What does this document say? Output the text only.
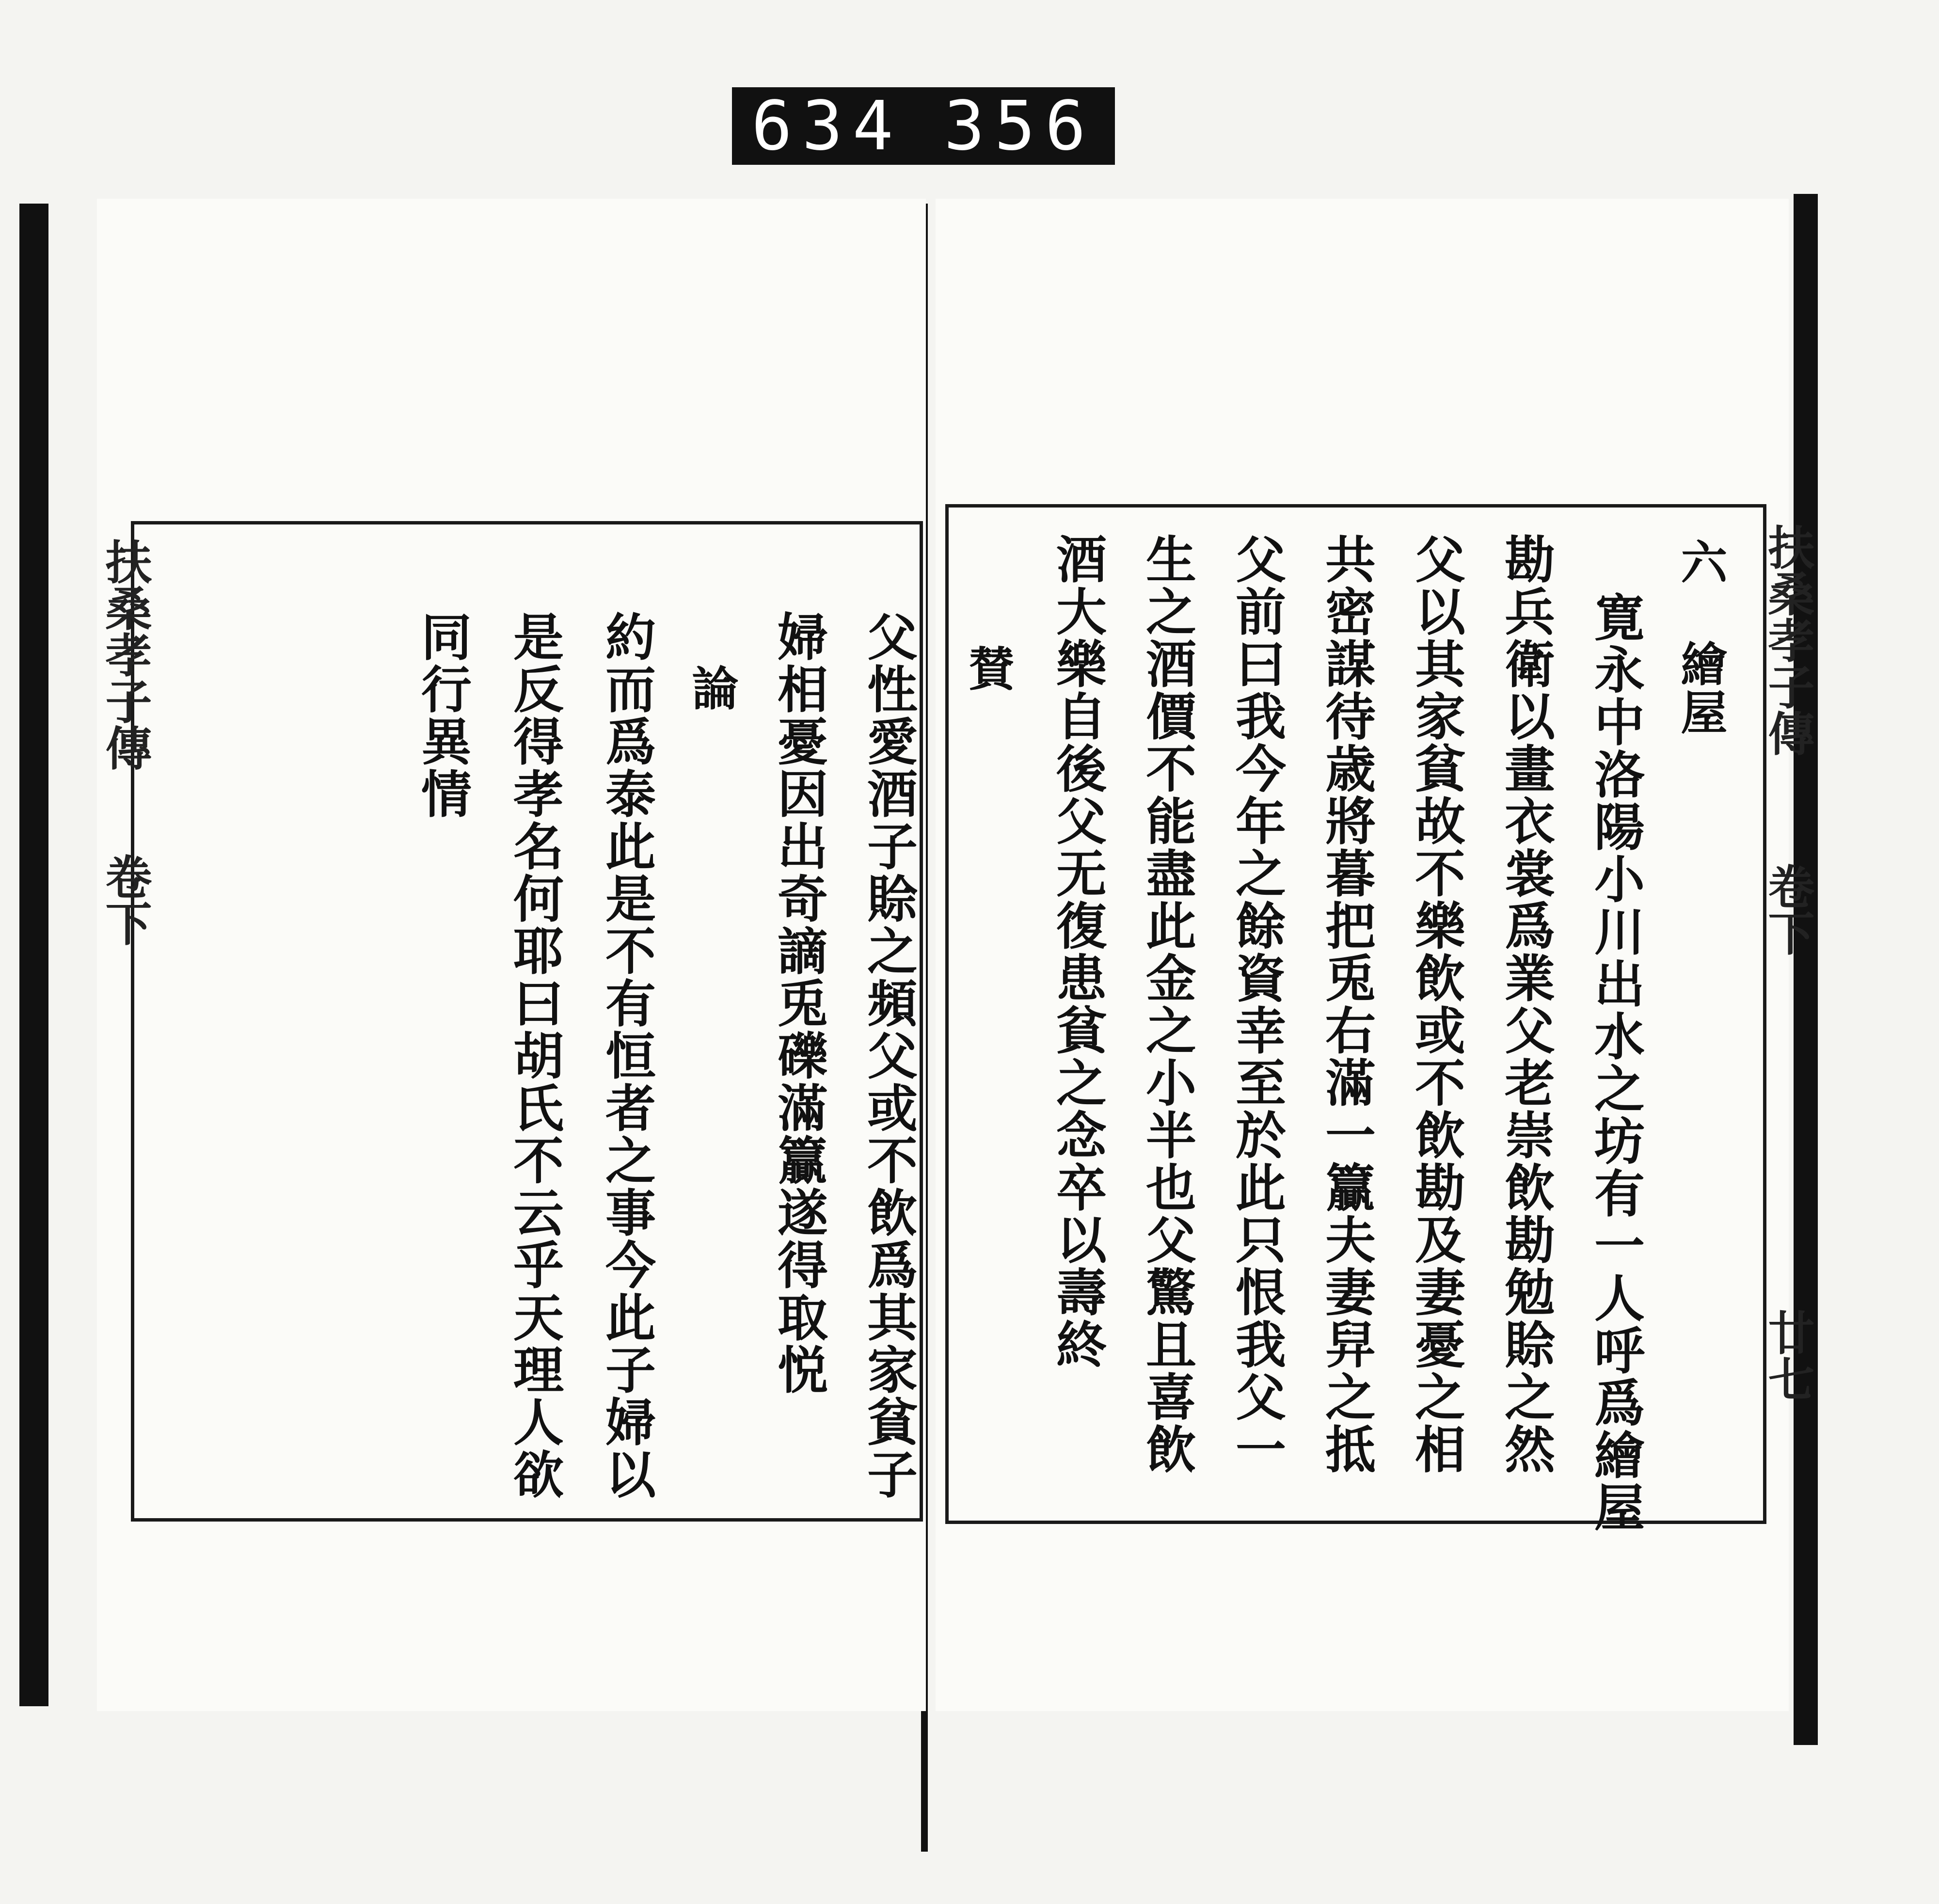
634 356
扶桑孝子傳
卷下	父性愛酒子賒之頻父或不飲爲其家貧子
婦相憂因出奇謫兎礫滿籯遂得取悦
論
約而爲泰此是不有恒者之事今此子婦以
是反得孝名何耶曰胡氏不云乎天理人欲
同行異情	扶桑孝子傳
卷下
廿七
六
繪屋
寛永中洛陽小川出水之坊有一人呼爲繪屋
勘兵衛以畫衣裳爲業父老崇飲勘勉賒之然
父以其家貧故不樂飲或不飲勘及妻憂之相
共密謀待歳將暮把兎右滿一籯夫妻舁之抵
父前曰我今年之餘資幸至於此只恨我父一
生之酒價不能盡此金之小半也父驚且喜飲
酒大樂自後父无復患貧之念卒以壽終
賛
